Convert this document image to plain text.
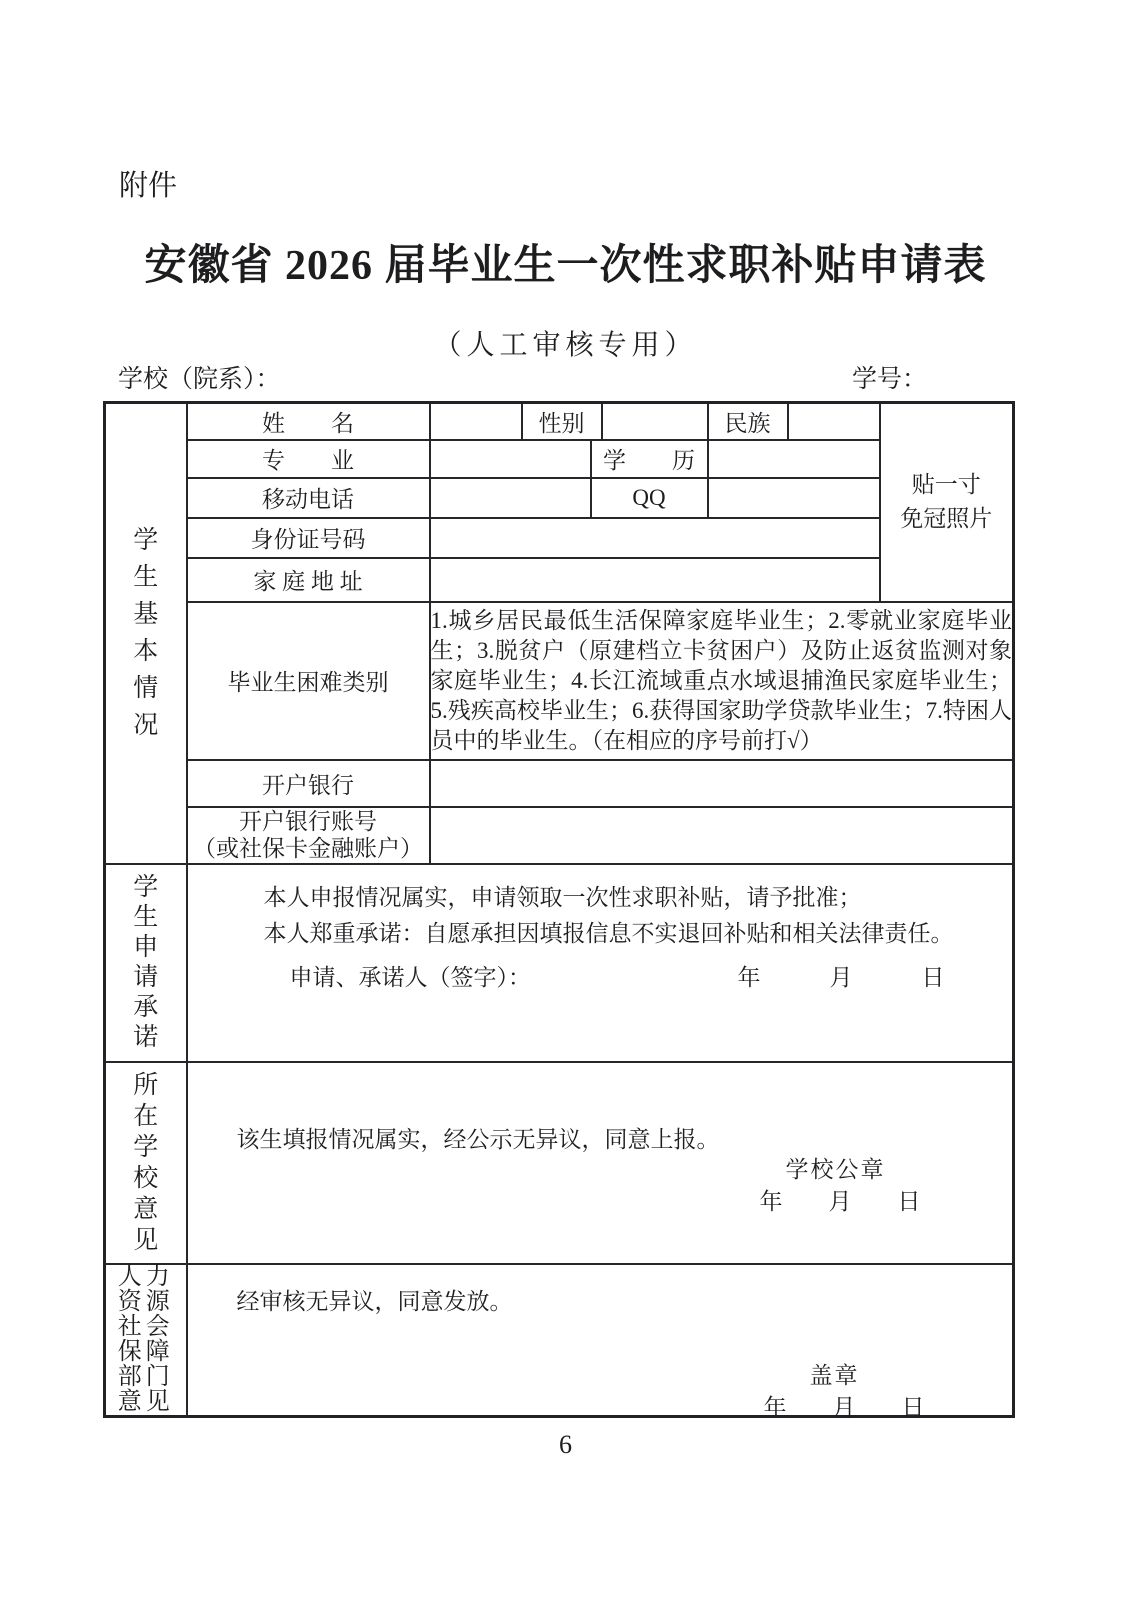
附件
安徽省 2026 届毕业生一次性求职补贴申请表
（人工审核专用）
学校（院系）：	学号：
学生基本情况	姓　　名		性别			民族		贴一寸
免冠照片

	专　　业			学　　历				
	移动电话			QQ				
	身份证号码							
	家 庭 地 址							
	毕业生困难类别	1.城乡居民最低生活保障家庭毕业生；2.零就业家庭毕业生；3.脱贫户（原建档立卡贫困户）及防止返贫监测对象家庭毕业生；4.长江流域重点水域退捕渔民家庭毕业生；5.残疾高校毕业生；6.获得国家助学贷款毕业生；7.特困人员中的毕业生。（在相应的序号前打√）						
	开户银行							

	开户银行账号
（或社保卡金融账户）							

学生申请承诺	本人申报情况属实，申请领取一次性求职补贴，请予批准；
本人郑重承诺：自愿承担因填报信息不实退回补贴和相关法律责任。
申请、承诺人（签字）： 年　　　月　　　日							

所在学校意见	该生填报情况属实，经公示无异议，同意上报。
学校公章
年　　月　　日							

人力资源社会保障部门意见	经审核无异议，同意发放。
盖章
年　　月　　日							
6
